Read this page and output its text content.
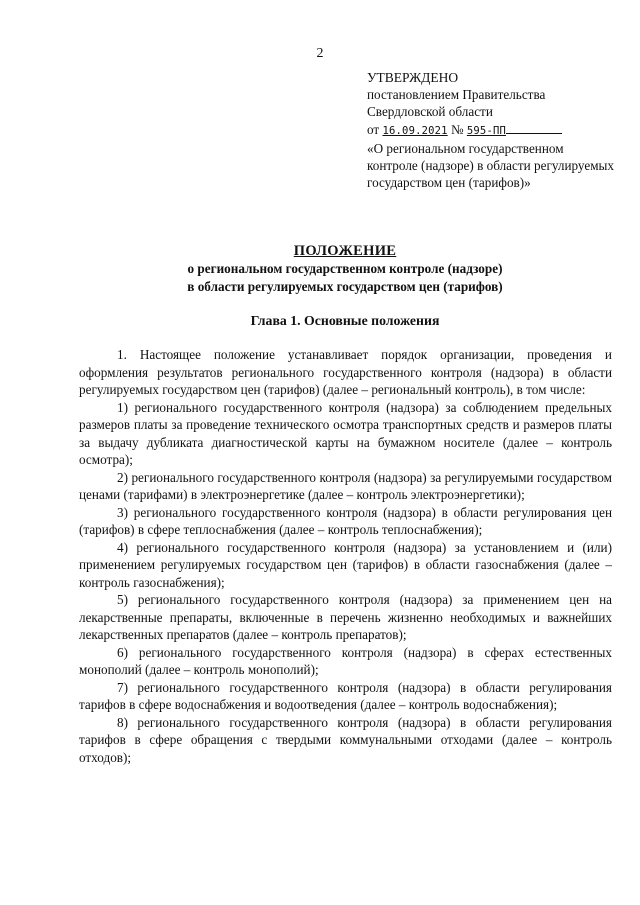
2
УТВЕРЖДЕНО
постановлением Правительства
Свердловской области
от 16.09.2021 № 595-ПП
«О региональном государственном контроле (надзоре) в области регулируемых государством цен (тарифов)»
ПОЛОЖЕНИЕ
о региональном государственном контроле (надзоре)
в области регулируемых государством цен (тарифов)
Глава 1. Основные положения

1. Настоящее положение устанавливает порядок организации, проведения и оформления результатов регионального государственного контроля (надзора) в области регулируемых государством цен (тарифов) (далее – региональный контроль), в том числе:

1) регионального государственного контроля (надзора) за соблюдением предельных размеров платы за проведение технического осмотра транспортных средств и размеров платы за выдачу дубликата диагностической карты на бумажном носителе (далее – контроль осмотра);

2) регионального государственного контроля (надзора) за регулируемыми государством ценами (тарифами) в электроэнергетике (далее – контроль электроэнергетики);

3) регионального государственного контроля (надзора) в области регулирования цен (тарифов) в сфере теплоснабжения (далее – контроль теплоснабжения);

4) регионального государственного контроля (надзора) за установлением и (или) применением регулируемых государством цен (тарифов) в области газоснабжения (далее – контроль газоснабжения);

5) регионального государственного контроля (надзора) за применением цен на лекарственные препараты, включенные в перечень жизненно необходимых и важнейших лекарственных препаратов (далее – контроль препаратов);

6) регионального государственного контроля (надзора) в сферах естественных монополий (далее – контроль монополий);

7) регионального государственного контроля (надзора) в области регулирования тарифов в сфере водоснабжения и водоотведения (далее – контроль водоснабжения);

8) регионального государственного контроля (надзора) в области регулирования тарифов в сфере обращения с твердыми коммунальными отходами (далее – контроль отходов);
